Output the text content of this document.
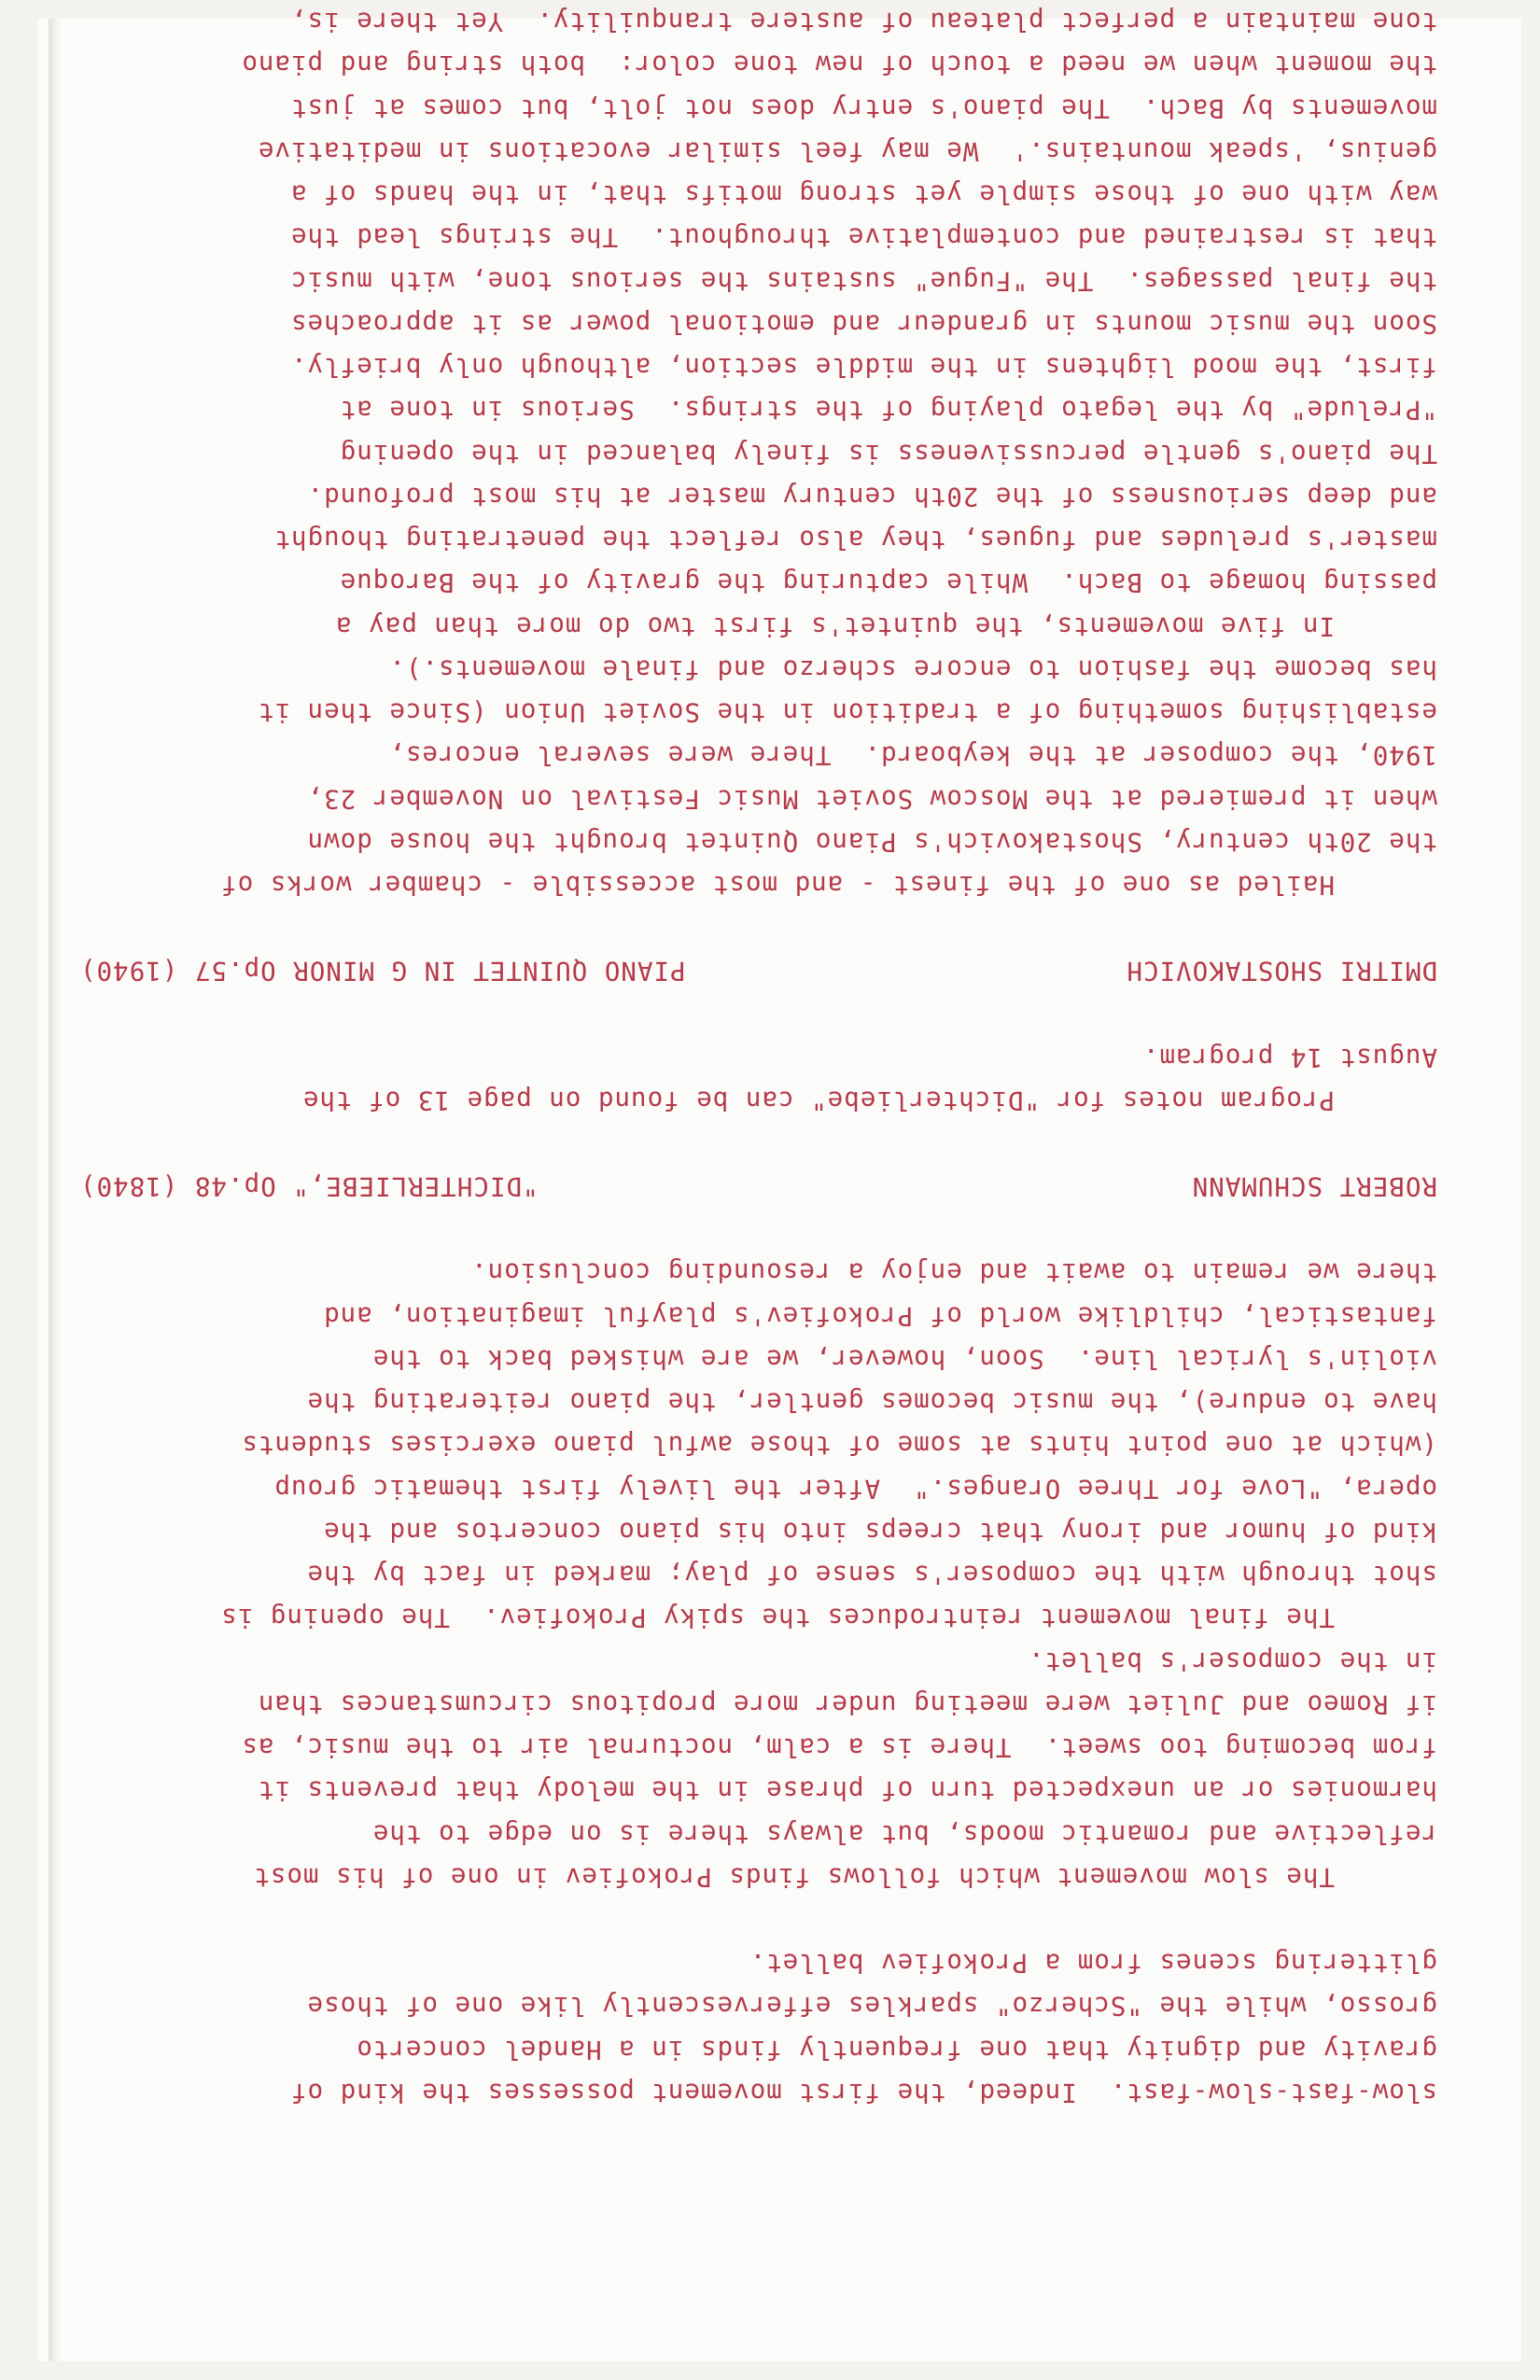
slow-fast-slow-fast.  Indeed, the first movement possesses the kind of
gravity and dignity that one frequently finds in a Handel concerto
grosso, while the "Scherzo" sparkles effervescently like one of those
glittering scenes from a Prokofiev ballet.
The slow movement which follows finds Prokofiev in one of his most
reflective and romantic moods, but always there is on edge to the
harmonies or an unexpected turn of phrase in the melody that prevents it
from becoming too sweet.  There is a calm, nocturnal air to the music, as
if Romeo and Juliet were meeting under more propitous circumstances than
in the composer's ballet.
The final movement reintroduces the spiky Prokofiev.  The opening is
shot through with the composer's sense of play; marked in fact by the
kind of humor and irony that creeps into his piano concertos and the
opera, "Love for Three Oranges."  After the lively first thematic group
(which at one point hints at some of those awful piano exercises students
have to endure), the music becomes gentler, the piano reiterating the
violin's lyrical line.  Soon, however, we are whisked back to the
fantastical, childlike world of Prokofiev's playful imagination, and
there we remain to await and enjoy a resounding conclusion.
ROBERT SCHUMANN
"DICHTERLIEBE," Op.48 (1840)
Program notes for "Dichterliebe" can be found on page 13 of the
August 14 program.
DMITRI SHOSTAKOVICH
PIANO QUINTET IN G MINOR Op.57 (1940)
Hailed as one of the finest - and most accessible - chamber works of
the 20th century, Shostakovich's Piano Quintet brought the house down
when it premiered at the Moscow Soviet Music Festival on November 23,
1940, the composer at the keyboard.  There were several encores,
establishing something of a tradition in the Soviet Union (Since then it
has become the fashion to encore scherzo and finale movements.).
In five movements, the quintet's first two do more than pay a
passing homage to Bach.  While capturing the gravity of the Baroque
master's preludes and fugues, they also reflect the penetrating thought
and deep seriousness of the 20th century master at his most profound.
The piano's gentle percussiveness is finely balanced in the opening
"Prelude" by the legato playing of the strings.  Serious in tone at
first, the mood lightens in the middle section, although only briefly.
Soon the music mounts in grandeur and emotional power as it approaches
the final passages.  The "Fugue" sustains the serious tone, with music
that is restrained and contemplative throughout.  The strings lead the
way with one of those simple yet strong motifs that, in the hands of a
genius, 'speak mountains.'  We may feel similar evocations in meditative
movements by Bach.  The piano's entry does not jolt, but comes at just
the moment when we need a touch of new tone color:  both string and piano
tone maintain a perfect plateau of austere tranquility.  Yet there is,
